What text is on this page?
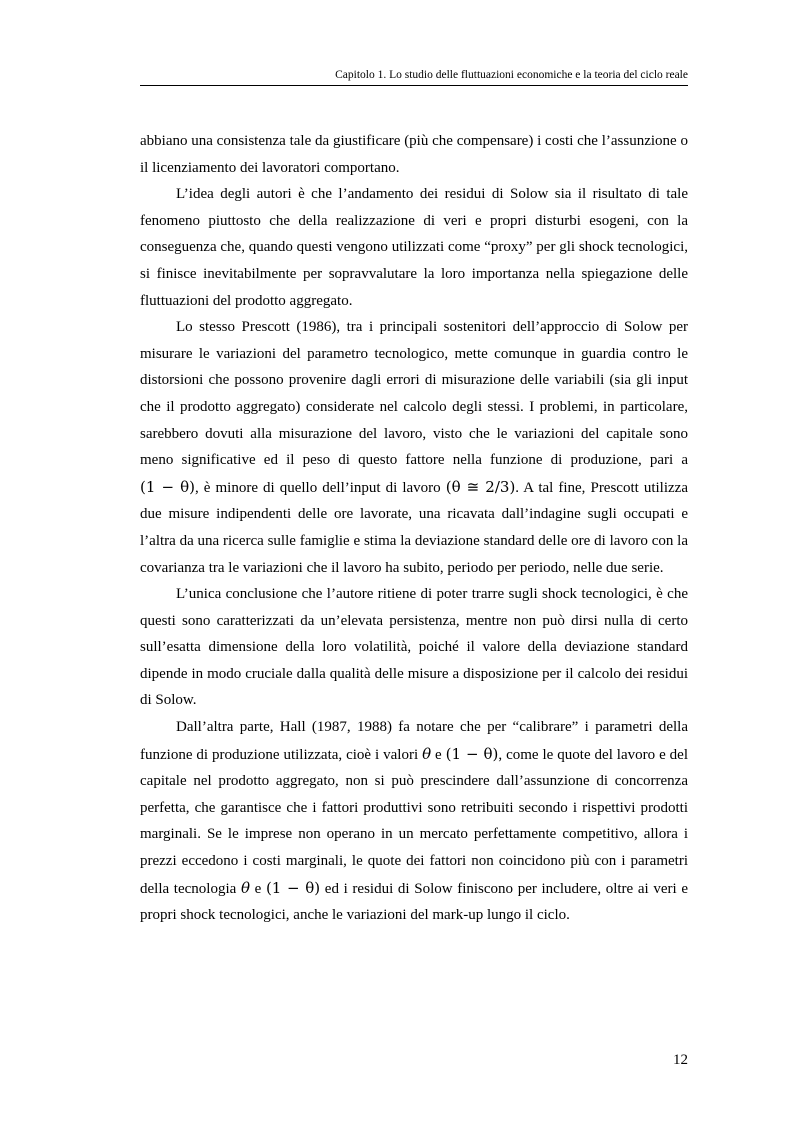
Capitolo 1. Lo studio delle fluttuazioni economiche e la teoria del ciclo reale

abbiano una consistenza tale da giustificare (più che compensare) i costi che l’assunzione o il licenziamento dei lavoratori comportano.

L’idea degli autori è che l’andamento dei residui di Solow sia il risultato di tale fenomeno piuttosto che della realizzazione di veri e propri disturbi esogeni, con la conseguenza che, quando questi vengono utilizzati come “proxy” per gli shock tecnologici, si finisce inevitabilmente per sopravvalutare la loro importanza nella spiegazione delle fluttuazioni del prodotto aggregato.

Lo stesso Prescott (1986), tra i principali sostenitori dell’approccio di Solow per misurare le variazioni del parametro tecnologico, mette comunque in guardia contro le distorsioni che possono provenire dagli errori di misurazione delle variabili (sia gli input che il prodotto aggregato) considerate nel calcolo degli stessi. I problemi, in particolare, sarebbero dovuti alla misurazione del lavoro, visto che le variazioni del capitale sono meno significative ed il peso di questo fattore nella funzione di produzione, pari a (1 − θ), è minore di quello dell’input di lavoro (θ ≅ 2/3). A tal fine, Prescott utilizza due misure indipendenti delle ore lavorate, una ricavata dall’indagine sugli occupati e l’altra da una ricerca sulle famiglie e stima la deviazione standard delle ore di lavoro con la covarianza tra le variazioni che il lavoro ha subito, periodo per periodo, nelle due serie.

L’unica conclusione che l’autore ritiene di poter trarre sugli shock tecnologici, è che questi sono caratterizzati da un’elevata persistenza, mentre non può dirsi nulla di certo sull’esatta dimensione della loro volatilità, poiché il valore della deviazione standard dipende in modo cruciale dalla qualità delle misure a disposizione per il calcolo dei residui di Solow.

Dall’altra parte, Hall (1987, 1988) fa notare che per “calibrare” i parametri della funzione di produzione utilizzata, cioè i valori θ e (1 − θ), come le quote del lavoro e del capitale nel prodotto aggregato, non si può prescindere dall’assunzione di concorrenza perfetta, che garantisce che i fattori produttivi sono retribuiti secondo i rispettivi prodotti marginali. Se le imprese non operano in un mercato perfettamente competitivo, allora i prezzi eccedono i costi marginali, le quote dei fattori non coincidono più con i parametri della tecnologia θ e (1 − θ) ed i residui di Solow finiscono per includere, oltre ai veri e propri shock tecnologici, anche le variazioni del mark-up lungo il ciclo.

12
